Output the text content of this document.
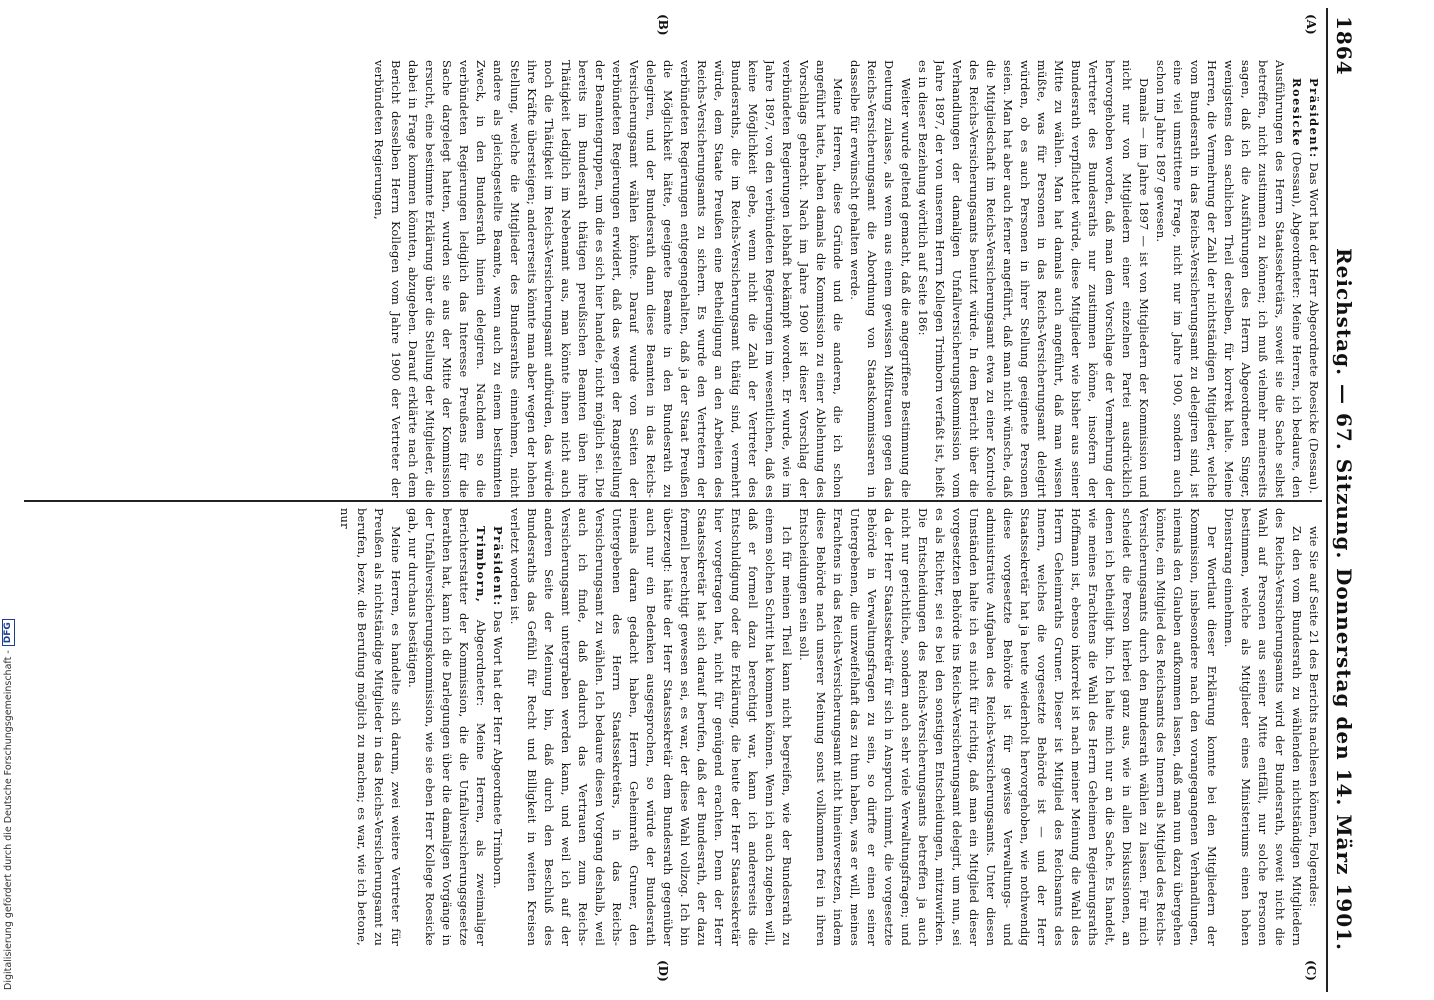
1864
Reichstag. — 67. Sitzung.
Donnerstag den 14. März 1901.
(A)
(B)
(C)
(D)

Präsident: Das Wort hat der Herr Abgeordnete Roesicke (Dessau).

Roesicke (Dessau), Abgeordneter: Meine Herren, ich bedaure, den Ausführungen des Herrn Staatssekretärs, soweit sie die Sache selbst betreffen, nicht zustimmen zu können; ich muß vielmehr meinerseits sagen, daß ich die Ausführungen des Herrn Abgeordneten Singer, wenigstens den sachlichen Theil derselben, für korrekt halte. Meine Herren, die Vermehrung der Zahl der nichtständigen Mitglieder, welche vom Bundesrath in das Reichs-Versicherungsamt zu delegiren sind, ist eine viel umstrittene Frage, nicht nur im Jahre 1900, sondern auch schon im Jahre 1897 gewesen.

Damals — im Jahre 1897 — ist von Mitgliedern der Kommission und nicht nur von Mitgliedern einer einzelnen Partei ausdrücklich hervorgehoben worden, daß man dem Vorschlage der Vermehrung der Vertreter des Bundesraths nur zustimmen könne, insofern der Bundesrath verpflichtet würde, diese Mitglieder wie bisher aus seiner Mitte zu wählen. Man hat damals auch angeführt, daß man wissen müßte, was für Personen in das Reichs-Versicherungsamt delegirt würden, ob es auch Personen in ihrer Stellung geeignete Personen seien. Man hat aber auch ferner angeführt, daß man nicht wünsche, daß die Mitgliedschaft im Reichs-Versicherungsamt etwa zu einer Kontrole des Reichs-Versicherungsamts benutzt würde. In dem Bericht über die Verhandlungen der damaligen Unfallversicherungskommission vom Jahre 1897, der von unserem Herrn Kollegen Trimborn verfaßt ist, heißt es in dieser Beziehung wörtlich auf Seite 186:

Weiter wurde geltend gemacht, daß die angegriffene Bestimmung die Deutung zulasse, als wenn aus einem gewissen Mißtrauen gegen das Reichs-Versicherungsamt die Abordnung von Staatskommissaren in dasselbe für erwünscht gehalten werde.

Meine Herren, diese Gründe und die anderen, die ich schon angeführt hatte, haben damals die Kommission zu einer Ablehnung des Vorschlags gebracht. Nach im Jahre 1900 ist dieser Vorschlag der verbündeten Regierungen lebhaft bekämpft worden. Er wurde, wie im Jahre 1897, von den verbündeten Regierungen im wesentlichen, daß es keine Möglichkeit gebe, wenn nicht die Zahl der Vertreter des Bundesraths, die im Reichs-Versicherungsamt thätig sind, vermehrt würde, dem Staate Preußen eine Betheiligung an den Arbeiten des Reichs-Versicherungsamts zu sichern. Es wurde den Vertretern der verbündeten Regierungen entgegengehalten, daß ja der Staat Preußen die Möglichkeit hätte, geeignete Beamte in den Bundesrath zu delegiren, und der Bundesrath dann diese Beamten in das Reichs-Versicherungsamt wählen könnte. Darauf wurde von Seiten der verbündeten Regierungen erwidert, daß das wegen der Rangstellung der Beamtengruppen, um die es sich hier handele, nicht möglich sei. Die bereits im Bundesrath thätigen preußischen Beamten üben ihre Thätigkeit lediglich im Nebenamt aus, man könnte ihnen nicht auch noch die Thätigkeit im Reichs-Versicherungsamt aufbürden, das würde ihre Kräfte übersteigen; andererseits könnte man aber wegen der hohen Stellung, welche die Mitglieder des Bundesraths einnehmen, nicht andere als gleichgestellte Beamte, wenn auch zu einem bestimmten Zweck, in den Bundesrath hinein delegiren. Nachdem so die verbündeten Regierungen lediglich das Interesse Preußens für die Sache dargelegt hatten, wurden sie aus der Mitte der Kommission ersucht, eine bestimmte Erklärung über die Stellung der Mitglieder, die dabei in Frage kommen könnten, abzugeben. Darauf erklärte nach dem Bericht desselben Herrn Kollegen vom Jahre 1900 der Vertreter der verbündeten Regierungen,

wie Sie auf Seite 21 des Berichts nachlesen können, Folgendes:

Zu den vom Bundesrath zu wählenden nichtständigen Mitgliedern des Reichs-Versicherungsamts wird der Bundesrath, soweit nicht die Wahl auf Personen aus seiner Mitte entfällt, nur solche Personen bestimmen, welche als Mitglieder eines Ministeriums einen hohen Dienstrang einnehmen.

Der Wortlaut dieser Erklärung konnte bei den Mitgliedern der Kommission, insbesondere nach den vorangegangenen Verhandlungen, niemals den Glauben aufkommen lassen, daß man nun dazu übergehen könnte, ein Mitglied des Reichsamts des Innern als Mitglied des Reichs-Versicherungsamts durch den Bundesrath wählen zu lassen. Für mich scheidet die Person hierbei ganz aus, wie in allen Diskussionen, an denen ich betheiligt bin. Ich halte mich nur an die Sache. Es handelt, wie meines Erachtens die Wahl des Herrn Geheimen Regierungsraths Hoffmann ist, ebenso inkorrekt ist nach meiner Meinung die Wahl des Herrn Geheimraths Gruner. Dieser ist Mitglied des Reichsamts des Innern, welches die vorgesetzte Behörde ist — und der Herr Staatssekretär hat ja heute wiederholt hervorgehoben, wie nothwendig diese vorgesetzte Behörde ist für gewisse Verwaltungs- und administrative Aufgaben des Reichs-Versicherungsamts. Unter diesen Umständen halte ich es nicht für richtig, daß man ein Mitglied dieser vorgesetzten Behörde ins Reichs-Versicherungsamt delegirt, um nun, sei es als Richter, sei es bei den sonstigen Entscheidungen, mitzuwirken. Die Entscheidungen des Reichs-Versicherungsamts betreffen ja auch nicht nur gerichtliche, sondern auch sehr viele Verwaltungsfragen; und da der Herr Staatssekretär für sich in Anspruch nimmt, die vorgesetzte Behörde in Verwaltungsfragen zu sein, so dürfte er einen seiner Untergebenen, die unzweifelhaft das zu thun haben, was er will, meines Erachtens in das Reichs-Versicherungsamt nicht hineinversetzen, indem diese Behörde nach unserer Meinung sonst vollkommen frei in ihren Entscheidungen sein soll.

Ich für meinen Theil kann nicht begreifen, wie der Bundesrath zu einem solchen Schritt hat kommen können. Wenn ich auch zugeben will, daß er formell dazu berechtigt war, kann ich andererseits die Entschuldigung oder die Erklärung, die heute der Herr Staatssekretär hier vorgetragen hat, nicht für genügend erachten. Denn der Herr Staatssekretär hat sich darauf berufen, daß der Bundesrath, der dazu formell berechtigt gewesen sei, es war, der diese Wahl vollzog. Ich bin überzeugt: hätte der Herr Staatssekretär dem Bundesrath gegenüber auch nur ein Bedenken ausgesprochen, so würde der Bundesrath niemals daran gedacht haben, Herrn Geheimrath Gruner, den Untergebenen des Herrn Staatssekretärs, in das Reichs-Versicherungsamt zu wählen. Ich bedaure diesen Vorgang deshalb, weil auch ich finde, daß dadurch das Vertrauen zum Reichs-Versicherungsamt untergraben werden kann, und weil ich auf der anderen Seite der Meinung bin, daß durch den Beschluß des Bundesraths das Gefühl für Recht und Billigkeit in weiten Kreisen verletzt worden ist.

Präsident: Das Wort hat der Herr Abgeordnete Trimborn.

Trimborn, Abgeordneter: Meine Herren, als zweimaliger Berichterstatter der Kommission, die die Unfallversicherungsgesetze berathen hat, kann ich die Darlegungen über die damaligen Vorgänge in der Unfallversicherungskommission, wie sie eben Herr Kollege Roesicke gab, nur durchaus bestätigen.

Meine Herren, es handelte sich darum, zwei weitere Vertreter für Preußen als nichtständige Mitglieder in das Reichs-Versicherungsamt zu berufen, bezw. die Berufung möglich zu machen; es war, wie ich betone, nur

Digitalisierung gefördert durch die Deutsche Forschungsgemeinschaft -
DFG
